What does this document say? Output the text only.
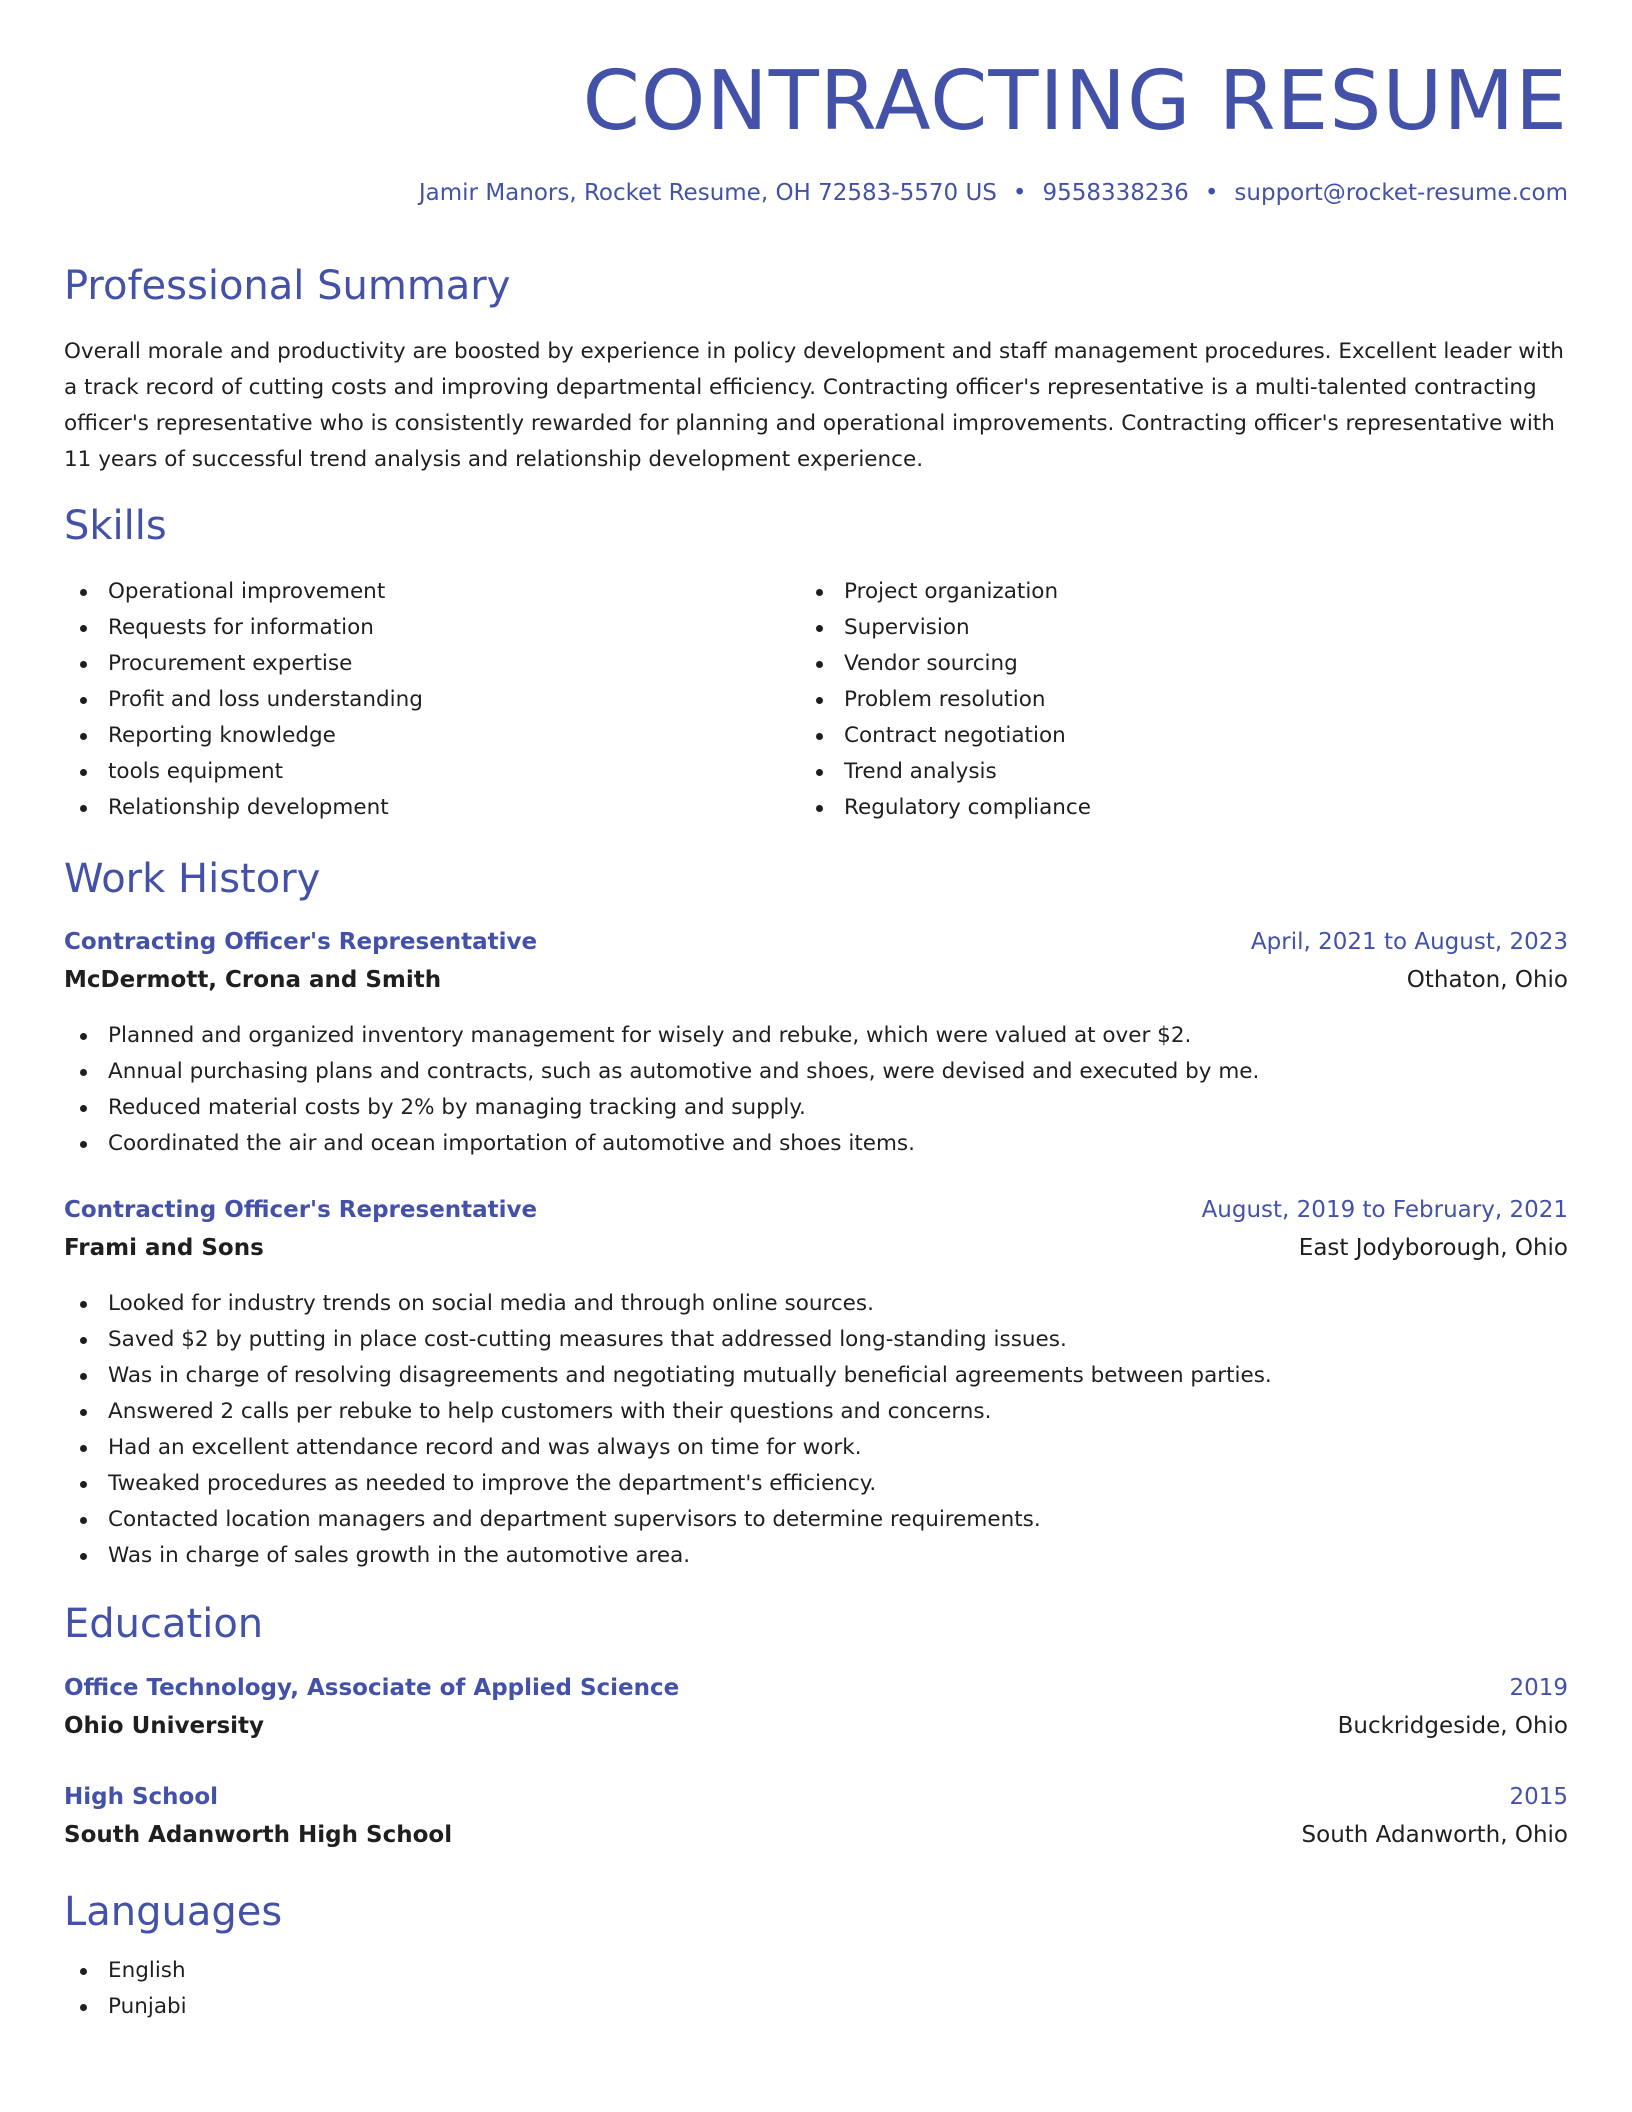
CONTRACTING RESUME
Jamir Manors, Rocket Resume, OH 72583-5570 US • 9558338236 • support@rocket-resume.com
Professional Summary

Overall morale and productivity are boosted by experience in policy development and staff management procedures. Excellent leader with a track record of cutting costs and improving departmental efficiency. Contracting officer's representative is a multi-talented contracting officer's representative who is consistently rewarded for planning and operational improvements. Contracting officer's representative with 11 years of successful trend analysis and relationship development experience.

Skills
Operational improvement
Requests for information
Procurement expertise
Profit and loss understanding
Reporting knowledge
tools equipment
Relationship development
Project organization
Supervision
Vendor sourcing
Problem resolution
Contract negotiation
Trend analysis
Regulatory compliance
Work History
Contracting Officer's Representative	April, 2021 to August, 2023
McDermott, Crona and Smith	Othaton, Ohio
Planned and organized inventory management for wisely and rebuke, which were valued at over $2.
Annual purchasing plans and contracts, such as automotive and shoes, were devised and executed by me.
Reduced material costs by 2% by managing tracking and supply.
Coordinated the air and ocean importation of automotive and shoes items.
Contracting Officer's Representative	August, 2019 to February, 2021
Frami and Sons	East Jodyborough, Ohio
Looked for industry trends on social media and through online sources.
Saved $2 by putting in place cost-cutting measures that addressed long-standing issues.
Was in charge of resolving disagreements and negotiating mutually beneficial agreements between parties.
Answered 2 calls per rebuke to help customers with their questions and concerns.
Had an excellent attendance record and was always on time for work.
Tweaked procedures as needed to improve the department's efficiency.
Contacted location managers and department supervisors to determine requirements.
Was in charge of sales growth in the automotive area.
Education
Office Technology, Associate of Applied Science	2019
Ohio University	Buckridgeside, Ohio
High School	2015
South Adanworth High School	South Adanworth, Ohio
Languages
English
Punjabi
